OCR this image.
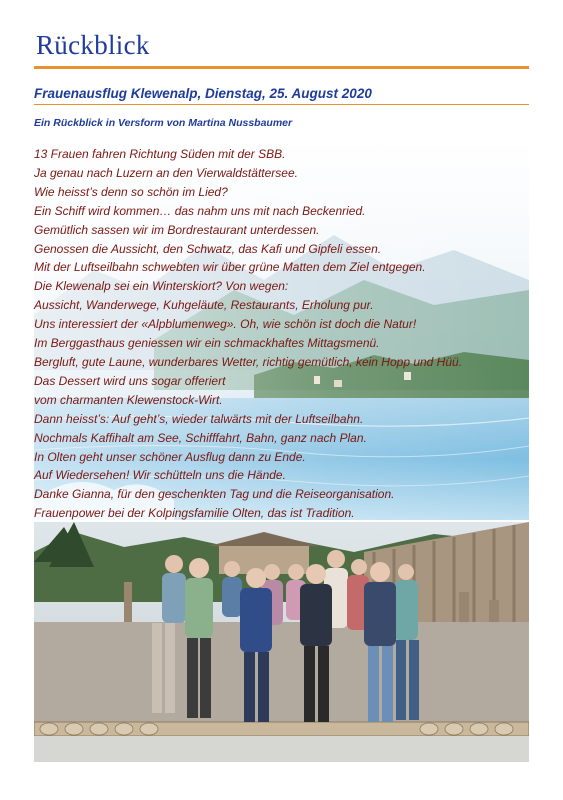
Rückblick
Frauenausflug Klewenalp, Dienstag, 25. August 2020

Ein Rückblick in Versform von Martina Nussbaumer

13 Frauen fahren Richtung Süden mit der SBB.
Ja genau nach Luzern an den Vierwaldstättersee.
Wie heisst’s denn so schön im Lied?
Ein Schiff wird kommen… das nahm uns mit nach Beckenried.
Gemütlich sassen wir im Bordrestaurant unterdessen.
Genossen die Aussicht, den Schwatz, das Kafi und Gipfeli essen.
Mit der Luftseilbahn schwebten wir über grüne Matten dem Ziel entgegen.
Die Klewenalp sei ein Winterskiort? Von wegen:
Aussicht, Wanderwege, Kuhgeläute, Restaurants, Erholung pur.
Uns interessiert der «Alpblumenweg». Oh, wie schön ist doch die Natur!
Im Berggasthaus geniessen wir ein schmackhaftes Mittagsmenü.
Bergluft, gute Laune, wunderbares Wetter, richtig gemütlich, kein Hopp und Hüü.
Das Dessert wird uns sogar offeriert
vom charmanten Klewenstock-Wirt.
Dann heisst’s: Auf geht’s, wieder talwärts mit der Luftseilbahn.
Nochmals Kaffihalt am See, Schifffahrt, Bahn, ganz nach Plan.
In Olten geht unser schöner Ausflug dann zu Ende.
Auf Wiedersehen! Wir schütteln uns die Hände.
Danke Gianna, für den geschenkten Tag und die Reiseorganisation.
Frauenpower bei der Kolpingsfamilie Olten, das ist Tradition.
